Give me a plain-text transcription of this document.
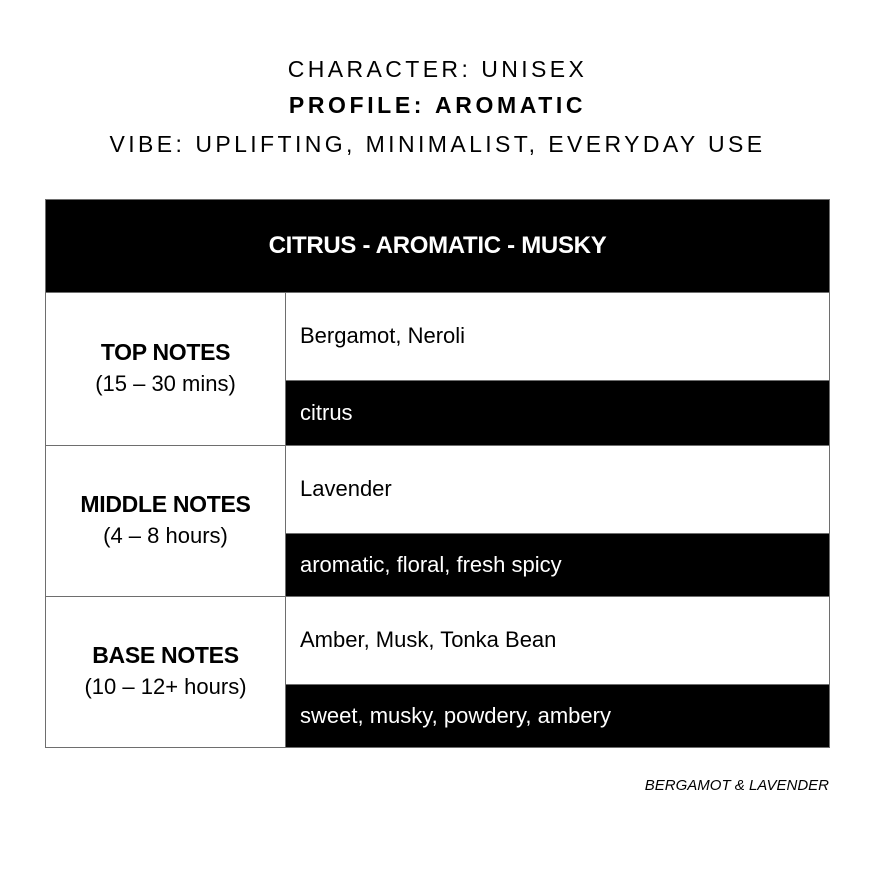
CHARACTER: UNISEX
PROFILE: AROMATIC
VIBE: UPLIFTING, MINIMALIST, EVERYDAY USE
CITRUS - AROMATIC - MUSKY
TOP NOTES
(15 – 30 mins)
Bergamot, Neroli
citrus
MIDDLE NOTES
(4 – 8 hours)
Lavender
aromatic, floral, fresh spicy
BASE NOTES
(10 – 12+ hours)
Amber, Musk, Tonka Bean
sweet, musky, powdery, ambery
BERGAMOT & LAVENDER
